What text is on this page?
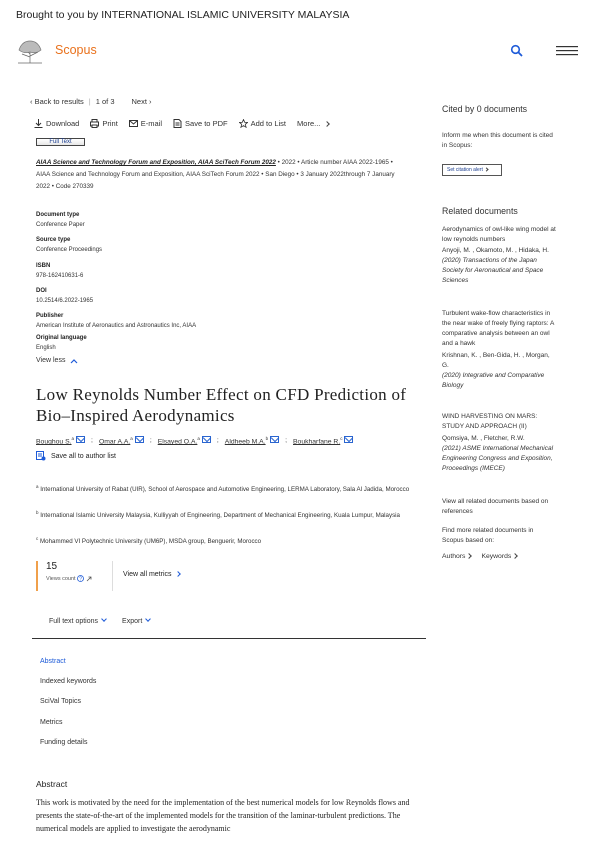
Brought to you by INTERNATIONAL ISLAMIC UNIVERSITY MALAYSIA
Scopus
‹ Back to results | 1 of 3 Next ›
Download	Print	E-mail	Save to PDF	Add to List More...
Full Text
AIAA Science and Technology Forum and Exposition, AIAA SciTech Forum 2022 • 2022 • Article number AIAA 2022-1965 •
AIAA Science and Technology Forum and Exposition, AIAA SciTech Forum 2022 • San Diego • 3 January 2022through 7 January
2022 • Code 270339
Document type
Conference Paper
Source type
Conference Proceedings
ISBN
978-162410631-6
DOI
10.2514/6.2022-1965
Publisher
American Institute of Aeronautics and Astronautics Inc, AIAA
Original language
English
View less
Low Reynolds Number Effect on CFD Prediction of Bio–Inspired Aerodynamics
Boughou S.$^a$	; Omar A.A.$^a$	; Elsayed O.A.$^a$	; Aldheeb M.A.$^b$	; Boukharfane R.$^c$
Save all to author list
$^a$ International University of Rabat (UIR), School of Aerospace and Automotive Engineering, LERMA Laboratory, Sala Al Jadida, Morocco
$^b$ International Islamic University Malaysia, Kulliyyah of Engineering, Department of Mechanical Engineering, Kuala Lumpur, Malaysia
$^c$ Mohammed VI Polytechnic University (UM6P), MSDA group, Benguerir, Morocco
15
Views count ?

View all metrics
Full text options	Export
Abstract
Indexed keywords
SciVal Topics
Metrics
Funding details
Abstract
This work is motivated by the need for the implementation of the best numerical models for low Reynolds flows and presents the state-of-the-art of the implemented models for the transition of the laminar-turbulent predictions. The numerical models are applied to investigate the aerodynamic
Cited by 0 documents
Inform me when this document is cited in Scopus:
Set citation alert
Related documents
Aerodynamics of owl-like wing model at low reynolds numbers
Anyoji, M. , Okamoto, M. , Hidaka, H.
(2020) Transactions of the Japan Society for Aeronautical and Space Sciences
Turbulent wake-flow characteristics in the near wake of freely flying raptors: A comparative analysis between an owl and a hawk
Krishnan, K. , Ben-Gida, H. , Morgan, G.
(2020) Integrative and Comparative Biology
WIND HARVESTING ON MARS: STUDY AND APPROACH (II)
Qomsiya, M. , Fletcher, R.W.
(2021) ASME International Mechanical Engineering Congress and Exposition, Proceedings (IMECE)
View all related documents based on references
Find more related documents in Scopus based on:
Authors	Keywords
